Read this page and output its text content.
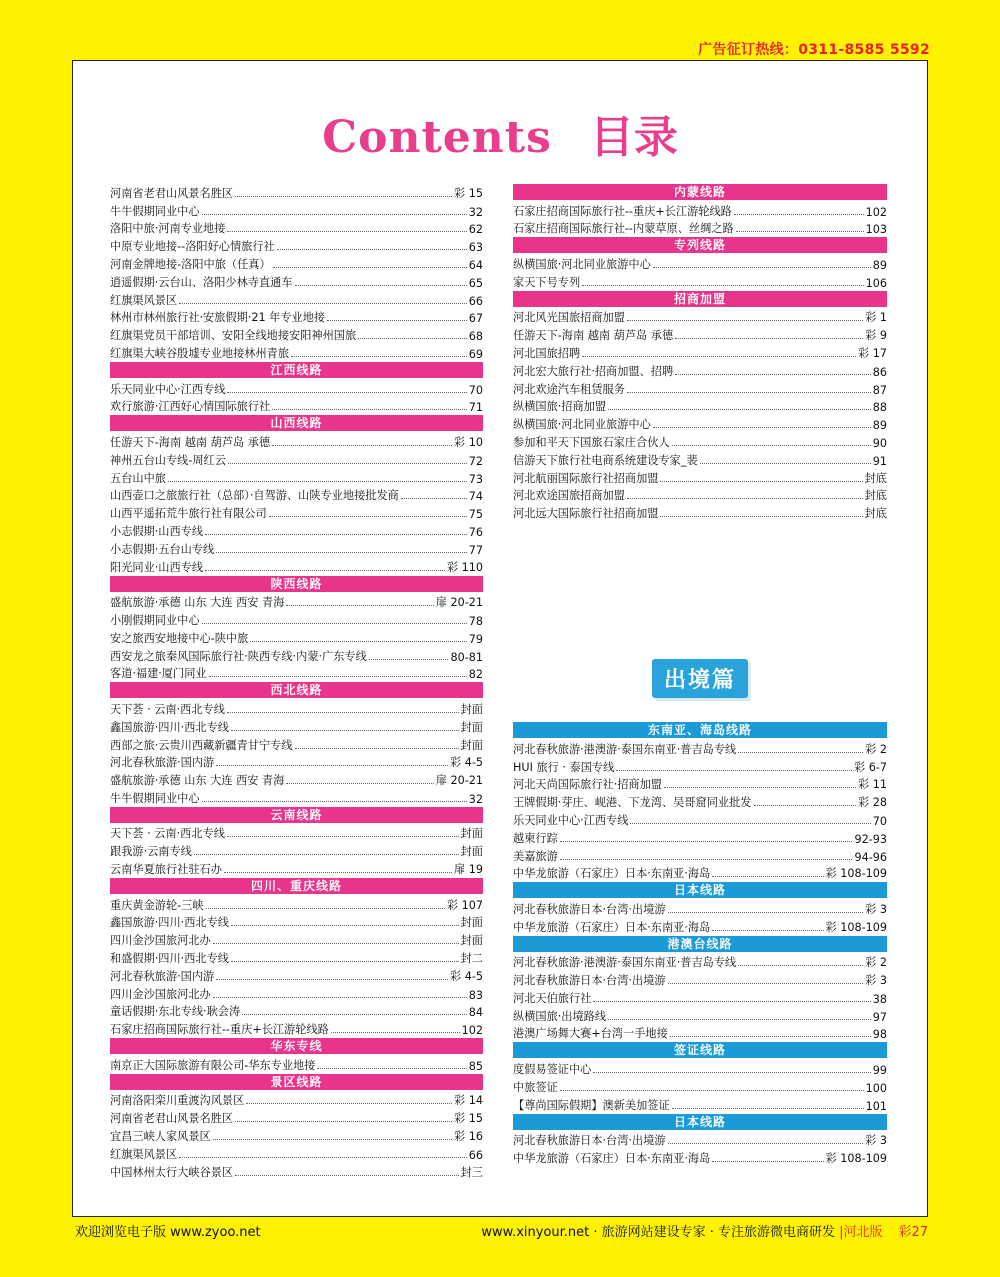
广告征订热线：0311-8585 5592
Contents 目录
河南省老君山风景名胜区	彩 15
牛牛假期同业中心	32
洛阳中旅·河南专业地接	62
中原专业地接--洛阳好心情旅行社	63
河南金牌地接-洛阳中旅（任真）	64
逍遥假期·云台山、洛阳少林寺直通车	65
红旗渠风景区	66
林州市林州旅行社·安旅假期·21 年专业地接	67
红旗渠党员干部培训、安阳全线地接安阳神州国旅	68
红旗渠大峡谷殷墟专业地接林州青旅	69
江西线路
乐天同业中心·江西专线	70
欢行旅游·江西好心情国际旅行社	71
山西线路
任游天下-海南 越南 葫芦岛 承德	彩 10
神州五台山专线-周红云	72
五台山中旅	73
山西壶口之旅旅行社（总部）·自驾游、山陕专业地接批发商	74
山西平遥拓荒牛旅行社有限公司	75
小志假期·山西专线	76
小志假期·五台山专线	77
阳光同业·山西专线	彩 110
陕西线路
盛航旅游·承德 山东 大连 西安 青海	扉 20-21
小刚假期同业中心	78
安之旅西安地接中心-陕中旅	79
西安龙之旅秦风国际旅行社·陕西专线·内蒙·广东专线	80-81
客道·福建·厦门同业	82
西北线路
天下荟 · 云南·西北专线	封面
鑫国旅游·四川·西北专线	封面
西部之旅·云贵川西藏新疆青甘宁专线	封面
河北春秋旅游·国内游	彩 4-5
盛航旅游·承德 山东 大连 西安 青海	扉 20-21
牛牛假期同业中心	32
云南线路
天下荟 · 云南·西北专线	封面
跟我游·云南专线	封面
云南华夏旅行社驻石办	扉 19
四川、重庆线路
重庆黄金游轮-三峡	彩 107
鑫国旅游·四川·西北专线	封面
四川金沙国旅河北办	封面
和盛假期·四川·西北专线	封二
河北春秋旅游·国内游	彩 4-5
四川金沙国旅河北办	83
童话假期·东北专线·耿会涛	84
石家庄招商国际旅行社--重庆+长江游轮线路	102
华东专线
南京正大国际旅游有限公司-华东专业地接	85
景区线路
河南洛阳栾川重渡沟风景区	彩 14
河南省老君山风景名胜区	彩 15
宜昌三峡人家风景区	彩 16
红旗渠风景区	66
中国林州太行大峡谷景区	封三
内蒙线路
石家庄招商国际旅行社--重庆+长江游轮线路	102
石家庄招商国际旅行社--内蒙草原、丝绸之路	103
专列线路
纵横国旅·河北同业旅游中心	89
家天下号专列	106
招商加盟
河北风光国旅招商加盟	彩 1
任游天下-海南 越南 葫芦岛 承德	彩 9
河北国旅招聘	彩 17
河北宏大旅行社·招商加盟、招聘	86
河北欢途汽车租赁服务	87
纵横国旅·招商加盟	88
纵横国旅·河北同业旅游中心	89
参加和平天下国旅石家庄合伙人	90
信游天下旅行社电商系统建设专家_裴	91
河北航丽国际旅行社招商加盟	封底
河北欢途国旅招商加盟	封底
河北远大国际旅行社招商加盟	封底
出境篇
东南亚、海岛线路
河北春秋旅游·港澳游·泰国东南亚·普吉岛专线	彩 2
HUI 旅行 · 泰国专线	彩 6-7
河北天尚国际旅行社·招商加盟	彩 11
王牌假期·芽庄、岘港、下龙湾、吴哥窟同业批发	彩 28
乐天同业中心·江西专线	70
越柬行踪	92-93
美嘉旅游	94-96
中华龙旅游（石家庄）日本·东南亚·海岛	彩 108-109
日本线路
河北春秋旅游日本·台湾·出境游	彩 3
中华龙旅游（石家庄）日本·东南亚·海岛	彩 108-109
港澳台线路
河北春秋旅游·港澳游·泰国东南亚·普吉岛专线	彩 2
河北春秋旅游日本·台湾·出境游	彩 3
河北天伯旅行社	38
纵横国旅·出境路线	97
港澳广场舞大赛+台湾一手地接	98
签证线路
度假易签证中心	99
中旅签证	100
【尊尚国际假期】澳新美加签证	101
日本线路
河北春秋旅游日本·台湾·出境游	彩 3
中华龙旅游（石家庄）日本·东南亚·海岛	彩 108-109
欢迎浏览电子版 www.zyoo.net	www.xinyour.net · 旅游网站建设专家 · 专注旅游微电商研发 |河北版 彩27
